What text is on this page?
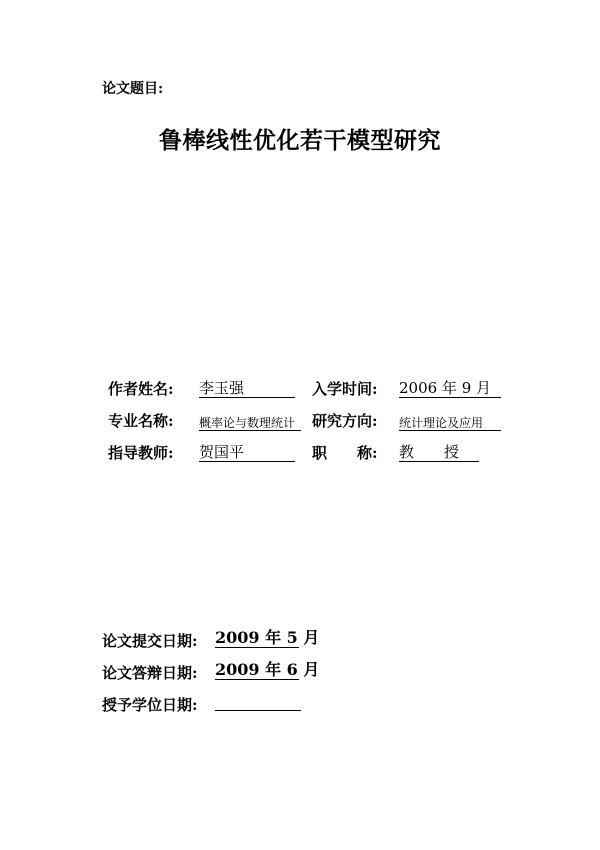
论文题目:
鲁棒线性优化若干模型研究
作者姓名: 李玉强	入学时间: 2006 年 9 月
专业名称: 概率论与数理统计	研究方向: 统计理论及应用
指导教师: 贺国平	职　　称: 教　　授
论文提交日期: 2009 年 5 月
论文答辩日期: 2009 年 6 月
授予学位日期:
